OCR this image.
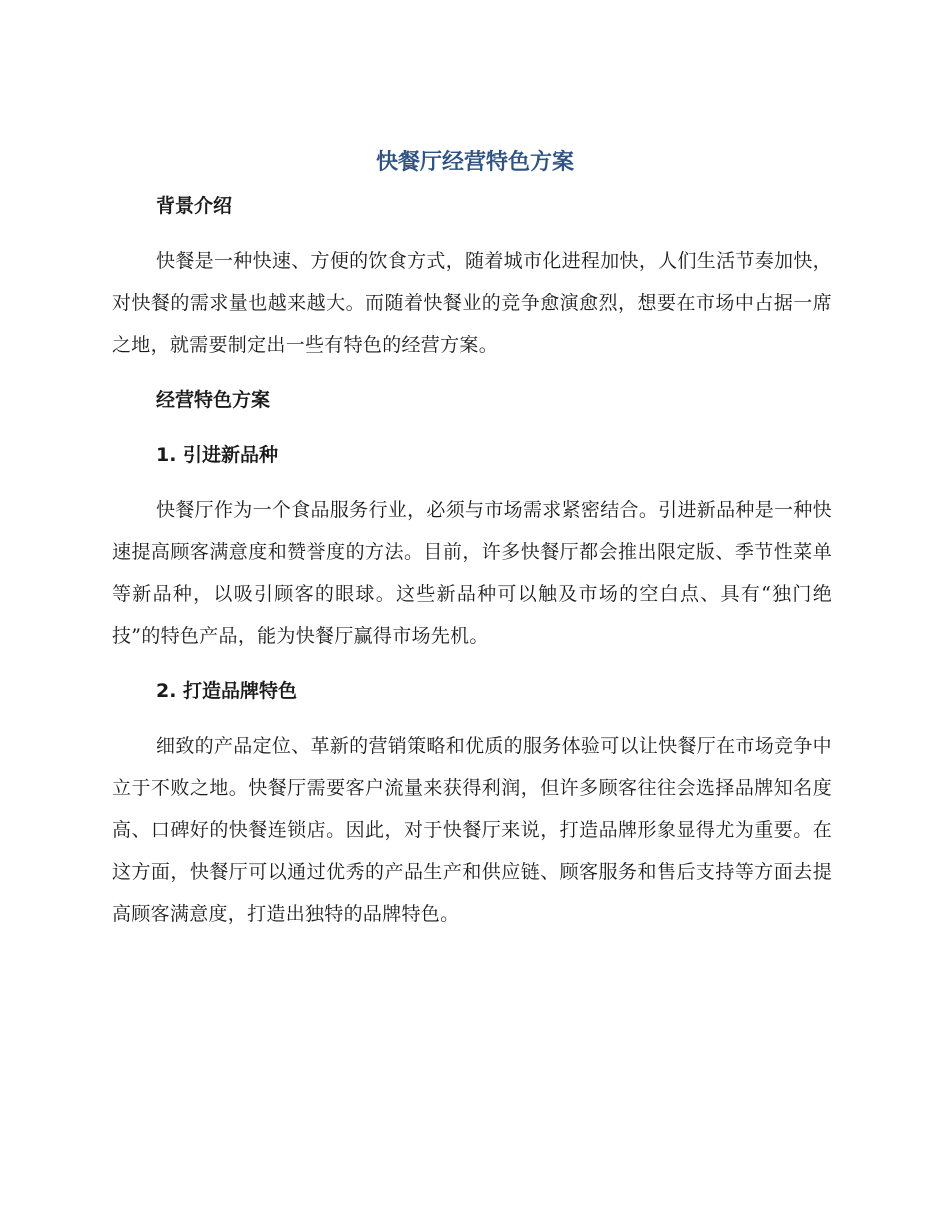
快餐厅经营特色方案
背景介绍

快餐是一种快速、方便的饮食方式，随着城市化进程加快，人们生活节奏加快，对快餐的需求量也越来越大。而随着快餐业的竞争愈演愈烈，想要在市场中占据一席之地，就需要制定出一些有特色的经营方案。

经营特色方案
1. 引进新品种

快餐厅作为一个食品服务行业，必须与市场需求紧密结合。引进新品种是一种快速提高顾客满意度和赞誉度的方法。目前，许多快餐厅都会推出限定版、季节性菜单等新品种，以吸引顾客的眼球。这些新品种可以触及市场的空白点、具有“独门绝技”的特色产品，能为快餐厅赢得市场先机。

2. 打造品牌特色

细致的产品定位、革新的营销策略和优质的服务体验可以让快餐厅在市场竞争中立于不败之地。快餐厅需要客户流量来获得利润，但许多顾客往往会选择品牌知名度高、口碑好的快餐连锁店。因此，对于快餐厅来说，打造品牌形象显得尤为重要。在这方面，快餐厅可以通过优秀的产品生产和供应链、顾客服务和售后支持等方面去提高顾客满意度，打造出独特的品牌特色。
